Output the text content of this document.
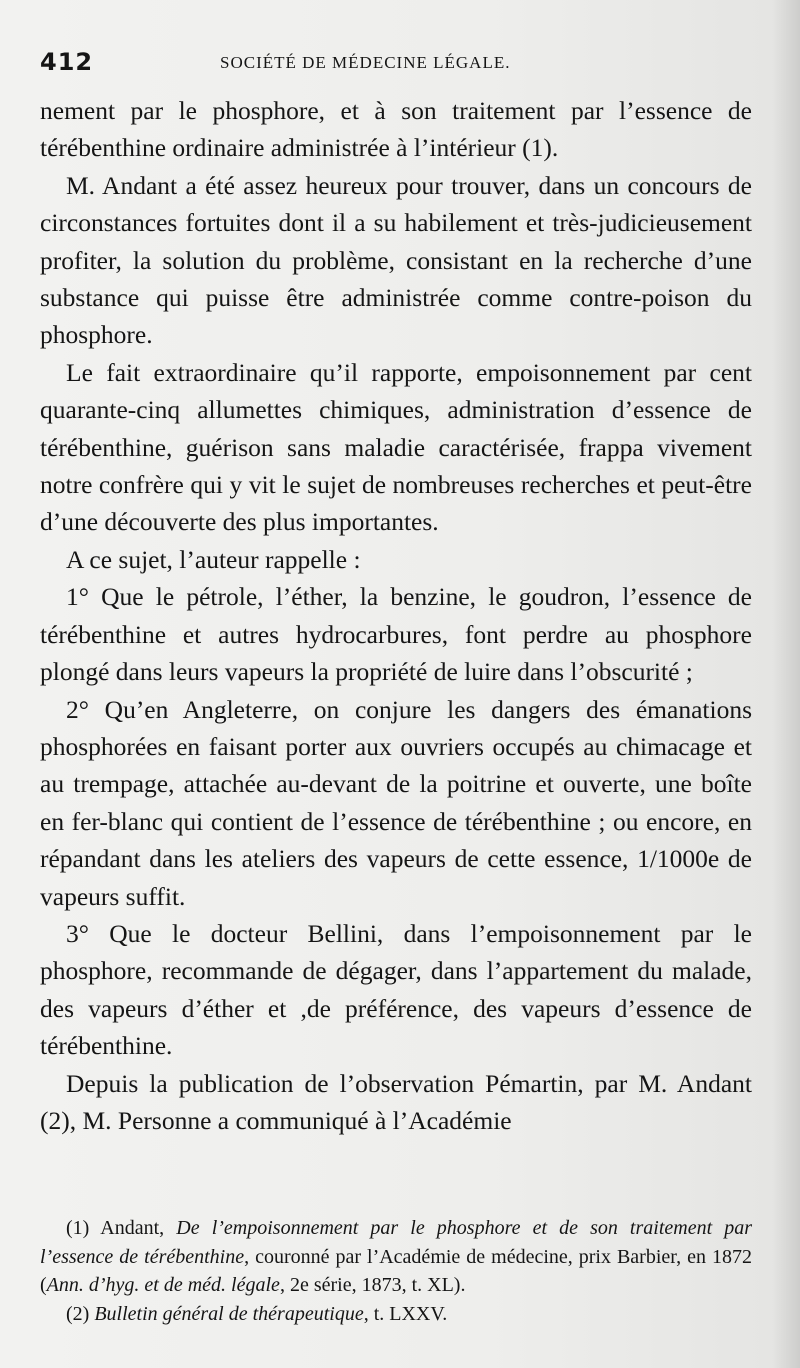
412	SOCIÉTÉ DE MÉDECINE LÉGALE.

nement par le phosphore, et à son traitement par l’essence de térébenthine ordinaire administrée à l’intérieur (1).

M. Andant a été assez heureux pour trouver, dans un concours de circonstances fortuites dont il a su habilement et très-judicieusement profiter, la solution du problème, consistant en la recherche d’une substance qui puisse être administrée comme contre-poison du phosphore.

Le fait extraordinaire qu’il rapporte, empoisonnement par cent quarante-cinq allumettes chimiques, administration d’essence de térébenthine, guérison sans maladie caractérisée, frappa vivement notre confrère qui y vit le sujet de nombreuses recherches et peut-être d’une découverte des plus importantes.

A ce sujet, l’auteur rappelle :

1° Que le pétrole, l’éther, la benzine, le goudron, l’essence de térébenthine et autres hydrocarbures, font perdre au phosphore plongé dans leurs vapeurs la propriété de luire dans l’obscurité ;

2° Qu’en Angleterre, on conjure les dangers des émanations phosphorées en faisant porter aux ouvriers occupés au chimacage et au trempage, attachée au-devant de la poitrine et ouverte, une boîte en fer-blanc qui contient de l’essence de térébenthine ; ou encore, en répandant dans les ateliers des vapeurs de cette essence, 1/1000e de vapeurs suffit.

3° Que le docteur Bellini, dans l’empoisonnement par le phosphore, recommande de dégager, dans l’appartement du malade, des vapeurs d’éther et ,de préférence, des vapeurs d’essence de térébenthine.

Depuis la publication de l’observation Pémartin, par M. Andant (2), M. Personne a communiqué à l’Académie

(1) Andant, De l’empoisonnement par le phosphore et de son traitement par l’essence de térébenthine, couronné par l’Académie de médecine, prix Barbier, en 1872 (Ann. d’hyg. et de méd. légale, 2e série, 1873, t. XL).

(2) Bulletin général de thérapeutique, t. LXXV.
